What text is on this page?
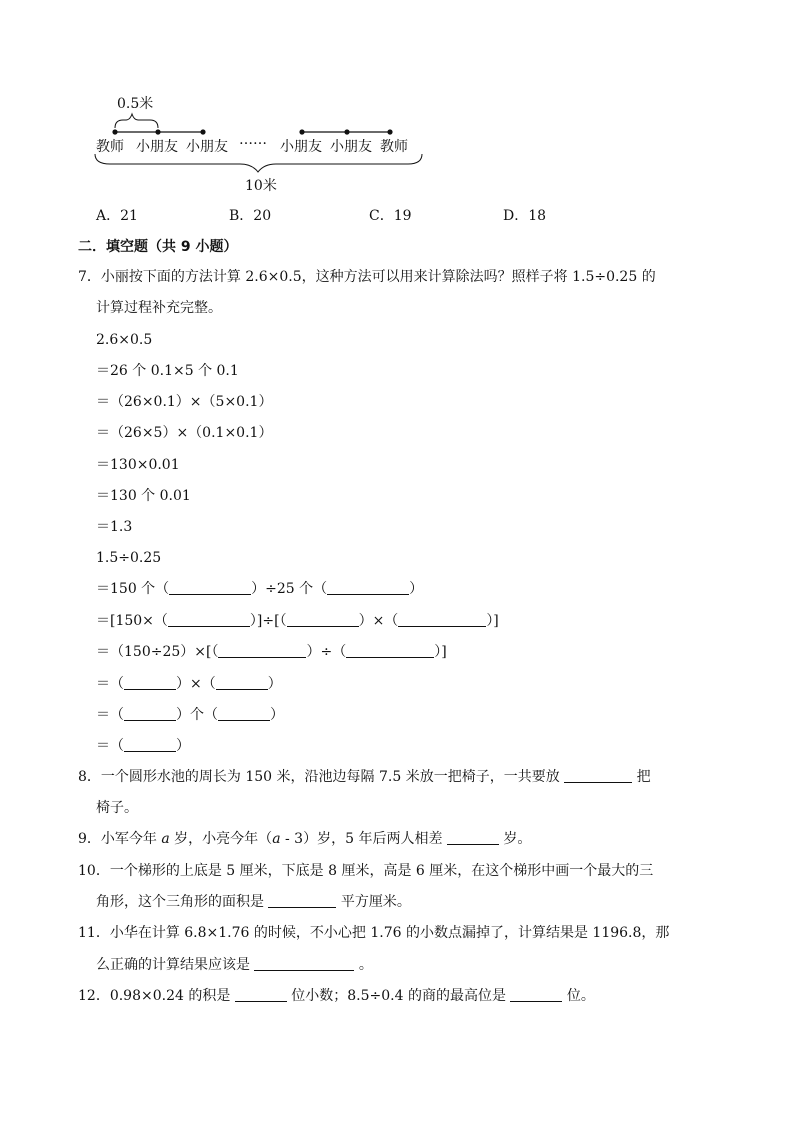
0.5米
教师 小朋友 小朋友 …… 小朋友 小朋友 教师
10米
A．21	B．20	C．19	D．18
二．填空题（共 9 小题）
7．小丽按下面的方法计算 2.6×0.5，这种方法可以用来计算除法吗？照样子将 1.5÷0.25 的
计算过程补充完整。
2.6×0.5
＝26 个 0.1×5 个 0.1
＝（26×0.1）×（5×0.1）
＝（26×5）×（0.1×0.1）
＝130×0.01
＝130 个 0.01
＝1.3
1.5÷0.25
＝150 个（	）÷25 个（	）
＝[150×（	）]÷[（	）×（	）]
＝（150÷25）×[（	）÷（	）]
＝（	）×（	）
＝（	）个（	）
＝（	）
8．一个圆形水池的周长为 150 米，沿池边每隔 7.5 米放一把椅子，一共要放	把
椅子。
9．小军今年 a 岁，小亮今年（a - 3）岁，5 年后两人相差	岁。
10．一个梯形的上底是 5 厘米，下底是 8 厘米，高是 6 厘米，在这个梯形中画一个最大的三
角形，这个三角形的面积是	平方厘米。
11．小华在计算 6.8×1.76 的时候，不小心把 1.76 的小数点漏掉了，计算结果是 1196.8，那
么正确的计算结果应该是	。
12．0.98×0.24 的积是	位小数；8.5÷0.4 的商的最高位是	位。
